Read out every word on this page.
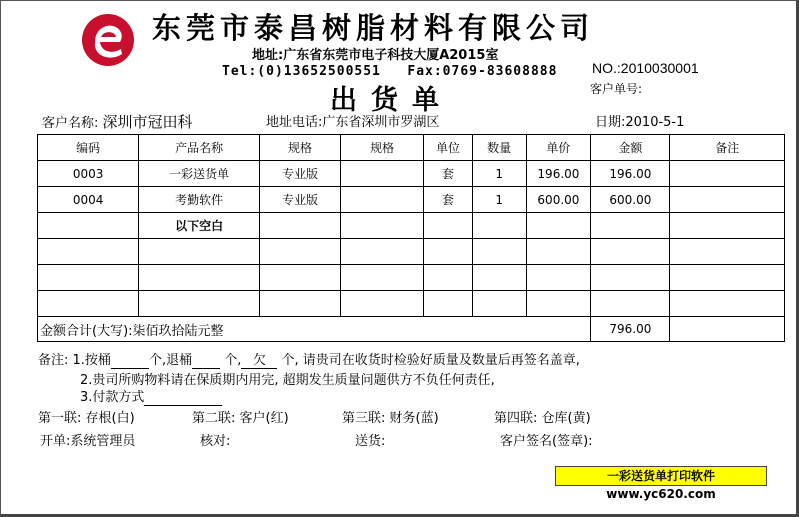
东莞市泰昌树脂材料有限公司
地址:广东省东莞市电子科技大厦A2015室
Tel:(0)13652500551 Fax:0769-83608888 NO.:2010030001
出货单	客户单号:
客户名称: 深圳市冠田科	地址电话:广东省深圳市罗湖区	日期:2010-5-1
编码	产品名称	规格	规格	单位	数量	单价	金额	备注
0003	一彩送货单	专业版		套	1	196.00	196.00	
0004	考勤软件	专业版		套	1	600.00	600.00	
	以下空白							

金额合计(大写):柒佰玖拾陆元整							796.00	
备注: 1.按桶	个,退桶 个, 欠 个, 请贵司在收货时检验好质量及数量后再签名盖章,
2.贵司所购物料请在保质期内用完, 超期发生质量问题供方不负任何责任,
3.付款方式
第一联: 存根(白)	第二联: 客户(红)	第三联: 财务(蓝)	第四联: 仓库(黄)
开单:系统管理员	核对:	送货:	客户签名(签章):
一彩送货单打印软件 www.yc620.com
